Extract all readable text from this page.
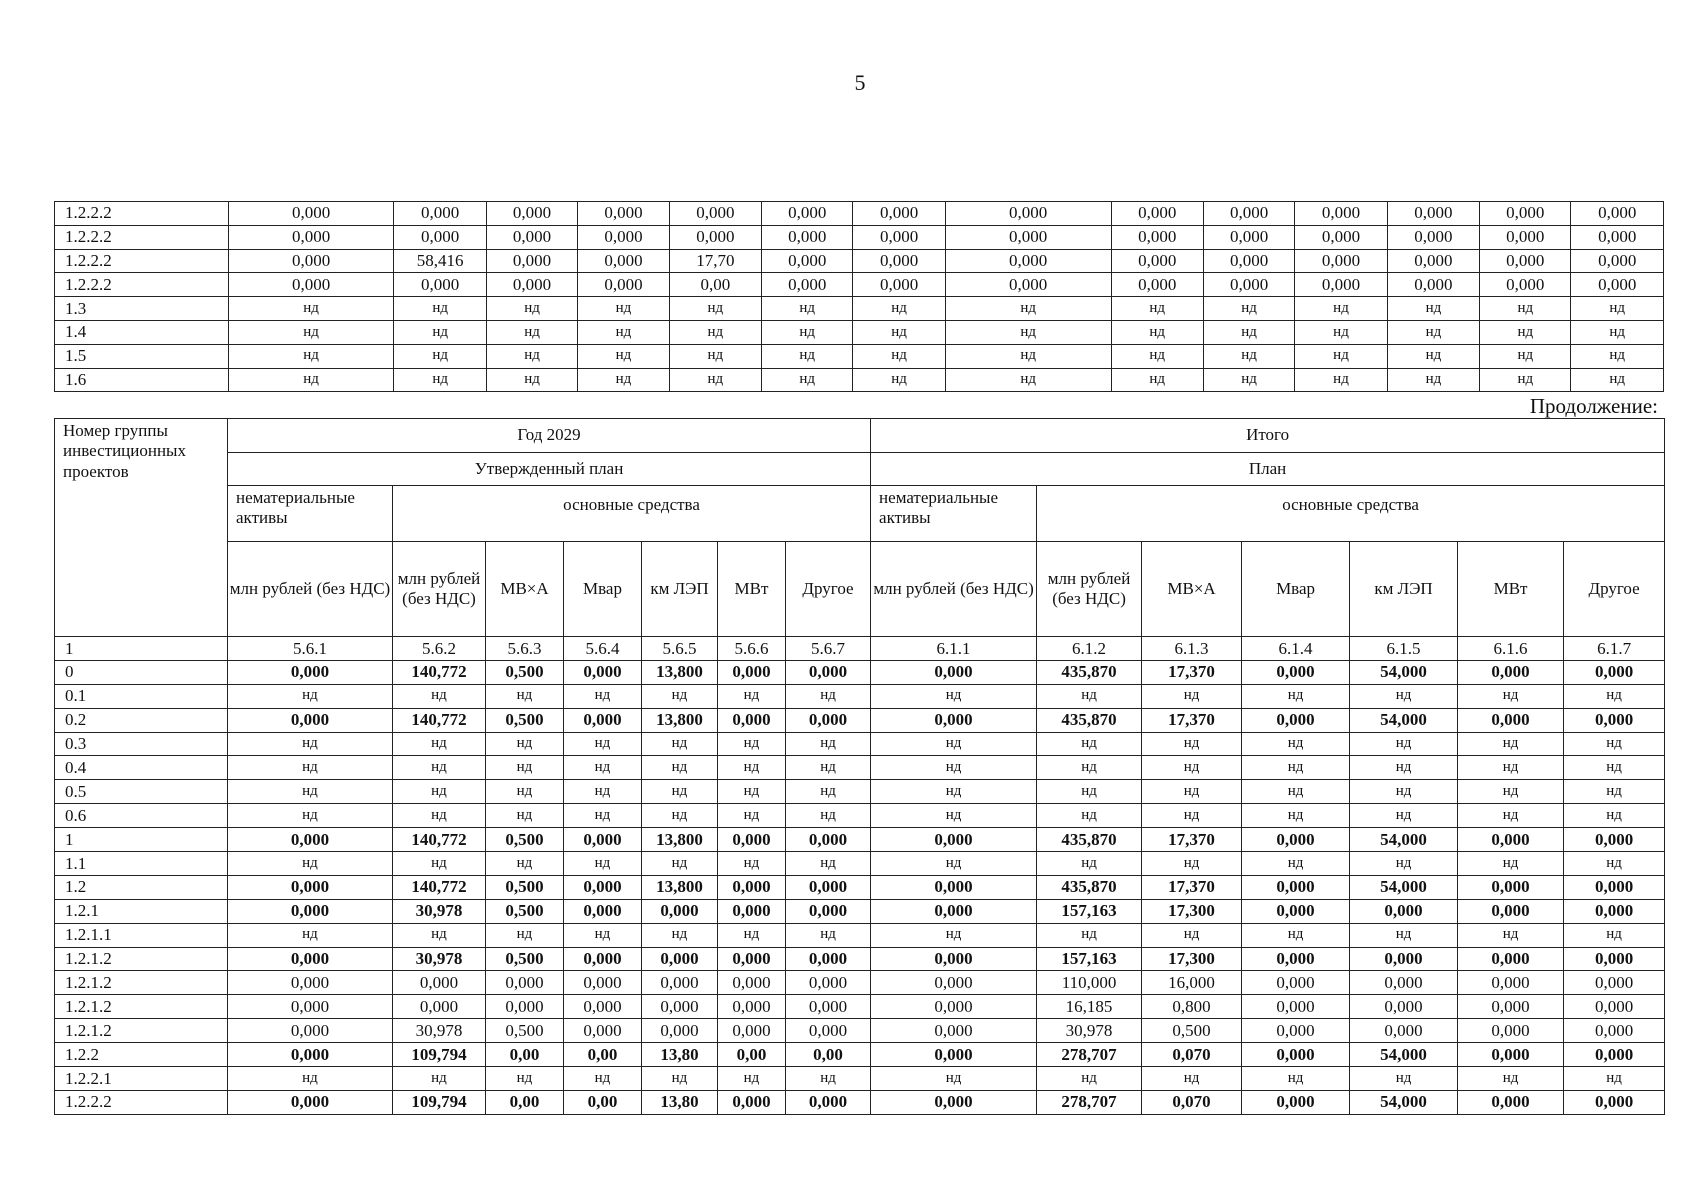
5
1.2.2.2	0,000	0,000	0,000	0,000	0,000	0,000	0,000	0,000	0,000	0,000	0,000	0,000	0,000	0,000
1.2.2.2	0,000	0,000	0,000	0,000	0,000	0,000	0,000	0,000	0,000	0,000	0,000	0,000	0,000	0,000
1.2.2.2	0,000	58,416	0,000	0,000	17,70	0,000	0,000	0,000	0,000	0,000	0,000	0,000	0,000	0,000
1.2.2.2	0,000	0,000	0,000	0,000	0,00	0,000	0,000	0,000	0,000	0,000	0,000	0,000	0,000	0,000
1.3	нд	нд	нд	нд	нд	нд	нд	нд	нд	нд	нд	нд	нд	нд
1.4	нд	нд	нд	нд	нд	нд	нд	нд	нд	нд	нд	нд	нд	нд
1.5	нд	нд	нд	нд	нд	нд	нд	нд	нд	нд	нд	нд	нд	нд
1.6	нд	нд	нд	нд	нд	нд	нд	нд	нд	нд	нд	нд	нд	нд
Продолжение:
Номер группы инвестиционных проектов	Год 2029							Итого						
	Утвержденный план							План						
	нематериальные активы	основные средства						нематериальные активы	основные средства					
	млн рублей (без НДС)	млн рублей (без НДС)	МВ×А	Мвар	км ЛЭП	МВт	Другое	млн рублей (без НДС)	млн рублей (без НДС)	МВ×А	Мвар	км ЛЭП	МВт	Другое
1	5.6.1	5.6.2	5.6.3	5.6.4	5.6.5	5.6.6	5.6.7	6.1.1	6.1.2	6.1.3	6.1.4	6.1.5	6.1.6	6.1.7
0	0,000	140,772	0,500	0,000	13,800	0,000	0,000	0,000	435,870	17,370	0,000	54,000	0,000	0,000
0.1	нд	нд	нд	нд	нд	нд	нд	нд	нд	нд	нд	нд	нд	нд
0.2	0,000	140,772	0,500	0,000	13,800	0,000	0,000	0,000	435,870	17,370	0,000	54,000	0,000	0,000
0.3	нд	нд	нд	нд	нд	нд	нд	нд	нд	нд	нд	нд	нд	нд
0.4	нд	нд	нд	нд	нд	нд	нд	нд	нд	нд	нд	нд	нд	нд
0.5	нд	нд	нд	нд	нд	нд	нд	нд	нд	нд	нд	нд	нд	нд
0.6	нд	нд	нд	нд	нд	нд	нд	нд	нд	нд	нд	нд	нд	нд
1	0,000	140,772	0,500	0,000	13,800	0,000	0,000	0,000	435,870	17,370	0,000	54,000	0,000	0,000
1.1	нд	нд	нд	нд	нд	нд	нд	нд	нд	нд	нд	нд	нд	нд
1.2	0,000	140,772	0,500	0,000	13,800	0,000	0,000	0,000	435,870	17,370	0,000	54,000	0,000	0,000
1.2.1	0,000	30,978	0,500	0,000	0,000	0,000	0,000	0,000	157,163	17,300	0,000	0,000	0,000	0,000
1.2.1.1	нд	нд	нд	нд	нд	нд	нд	нд	нд	нд	нд	нд	нд	нд
1.2.1.2	0,000	30,978	0,500	0,000	0,000	0,000	0,000	0,000	157,163	17,300	0,000	0,000	0,000	0,000
1.2.1.2	0,000	0,000	0,000	0,000	0,000	0,000	0,000	0,000	110,000	16,000	0,000	0,000	0,000	0,000
1.2.1.2	0,000	0,000	0,000	0,000	0,000	0,000	0,000	0,000	16,185	0,800	0,000	0,000	0,000	0,000
1.2.1.2	0,000	30,978	0,500	0,000	0,000	0,000	0,000	0,000	30,978	0,500	0,000	0,000	0,000	0,000
1.2.2	0,000	109,794	0,00	0,00	13,80	0,00	0,00	0,000	278,707	0,070	0,000	54,000	0,000	0,000
1.2.2.1	нд	нд	нд	нд	нд	нд	нд	нд	нд	нд	нд	нд	нд	нд
1.2.2.2	0,000	109,794	0,00	0,00	13,80	0,000	0,000	0,000	278,707	0,070	0,000	54,000	0,000	0,000
